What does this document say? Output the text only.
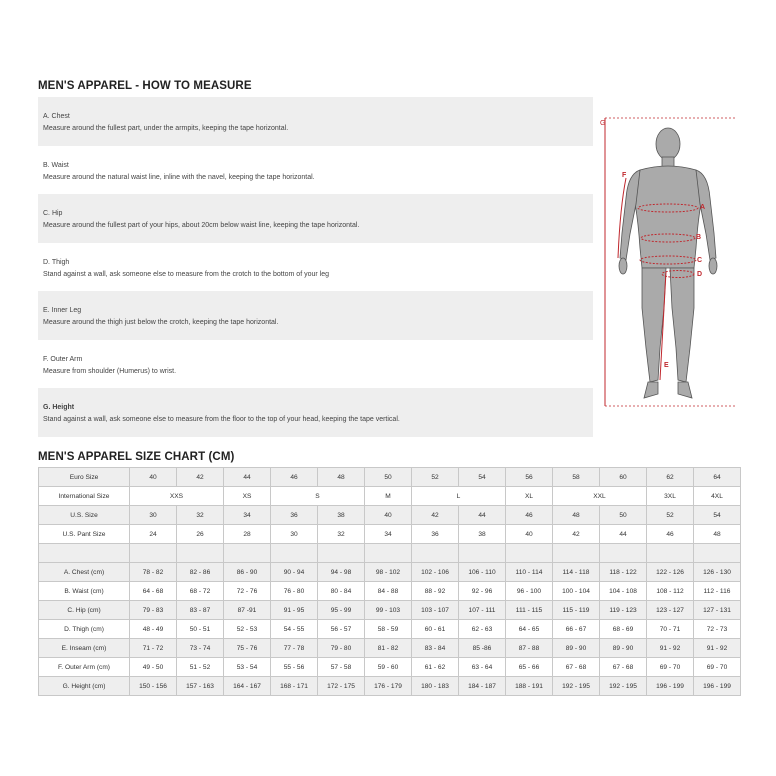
MEN'S APPAREL - HOW TO MEASURE
A. Chest
Measure around the fullest part, under the armpits, keeping the tape horizontal.
B. Waist
Measure around the natural waist line, inline with the navel, keeping the tape horizontal.
C. Hip
Measure around the fullest part of your hips, about 20cm below waist line, keeping the tape horizontal.
D. Thigh
Stand against a wall, ask someone else to measure from the crotch to the bottom of your leg
E. Inner Leg
Measure around the thigh just below the crotch, keeping the tape horizontal.
F. Outer Arm
Measure from shoulder (Humerus) to wrist.
G. Height
Stand against a wall, ask someone else to measure from the floor to the top of your head, keeping the tape vertical.
G
A
B
C
D
E
F
MEN'S APPAREL SIZE CHART (CM)
Euro Size	40	42	44	46	48	50	52	54	56	58	60	62	64
International Size	XXS		XS	S		M	L		XL	XXL		3XL	4XL
U.S. Size	30	32	34	36	38	40	42	44	46	48	50	52	54
U.S. Pant Size	24	26	28	30	32	34	36	38	40	42	44	46	48

A. Chest (cm)	78 - 82	82 - 86	86 - 90	90 - 94	94 - 98	98 - 102	102 - 106	106 - 110	110 - 114	114 - 118	118 - 122	122 - 126	126 - 130
B. Waist (cm)	64 - 68	68 - 72	72 - 76	76 - 80	80 - 84	84 - 88	88 - 92	92 - 96	96 - 100	100 - 104	104 - 108	108 - 112	112 - 116
C. Hip (cm)	79 - 83	83 - 87	87 -91	91 - 95	95 - 99	99 - 103	103 - 107	107 - 111	111 - 115	115 - 119	119 - 123	123 - 127	127 - 131
D. Thigh (cm)	48 - 49	50 - 51	52 - 53	54 - 55	56 - 57	58 - 59	60 - 61	62 - 63	64 - 65	66 - 67	68 - 69	70 - 71	72 - 73
E. Inseam (cm)	71 - 72	73 - 74	75 - 76	77 - 78	79 - 80	81 - 82	83 - 84	85 -86	87 - 88	89 - 90	89 - 90	91 - 92	91 - 92
F. Outer Arm (cm)	49 - 50	51 - 52	53 - 54	55 - 56	57 - 58	59 - 60	61 - 62	63 - 64	65 - 66	67 - 68	67 - 68	69 - 70	69 - 70
G. Height (cm)	150 - 156	157 - 163	164 - 167	168 - 171	172 - 175	176 - 179	180 - 183	184 - 187	188 - 191	192 - 195	192 - 195	196 - 199	196 - 199
